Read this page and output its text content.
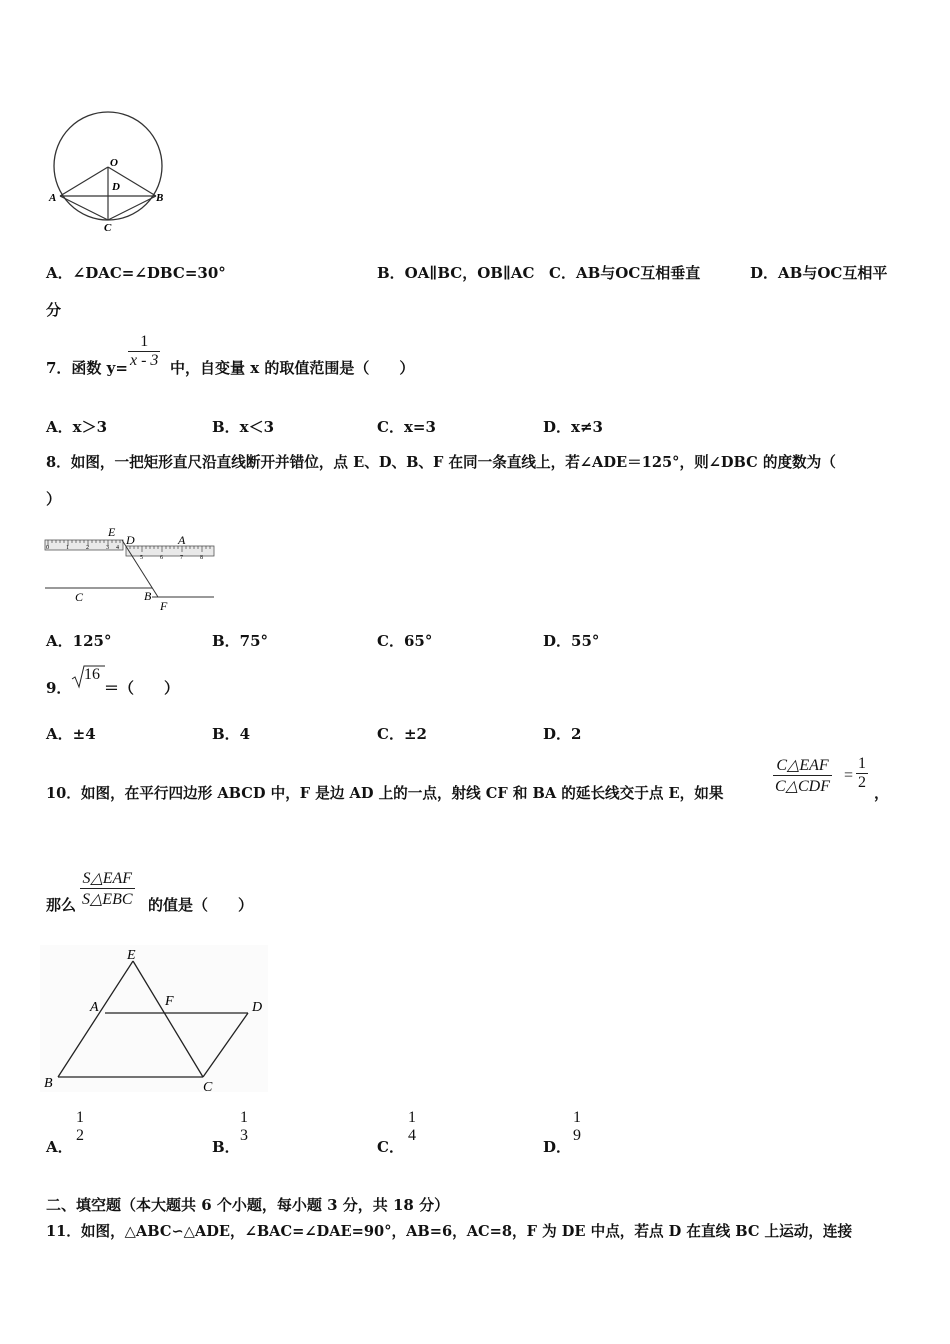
O
D
A	B
C
A．∠DAC=∠DBC=30°	B．OA∥BC，OB∥AC C．AB与OC互相垂直	D．AB与OC互相平
分
7．函数 $y= \frac{1}{x - 3}$ 中，自变量 x 的取值范围是（　　）
A．x＞3	B．x＜3	C．x=3	D．x≠3
8．如图，一把矩形直尺沿直线断开并错位，点 E、D、B、F 在同一条直线上，若∠ADE＝125°，则∠DBC 的度数为（
）
0	1	2	3 4
5	6	7	8
E
D	A
C	B
F
A．125°	B．75°	C．65°	D．55°
9．
16
＝（　　）
A．±4	B．4	C．±2	D．2
10．如图，在平行四边形 ABCD 中，F 是边 AD 上的一点，射线 CF 和 BA 的延长线交于点 E，如果
C△EAF
C△CDF
= $\frac{1}{2}$
，
那么
S△EAF
S△EBC 的值是（　　）
E
A	F	D
B	C
A．
1
2
B．
1
3
C．
1
4
D．
1
9
二、填空题（本大题共 6 个小题，每小题 3 分，共 18 分）
11．如图，△ABC∽△ADE，∠BAC=∠DAE=90°，AB=6，AC=8，F 为 DE 中点，若点 D 在直线 BC 上运动，连接
